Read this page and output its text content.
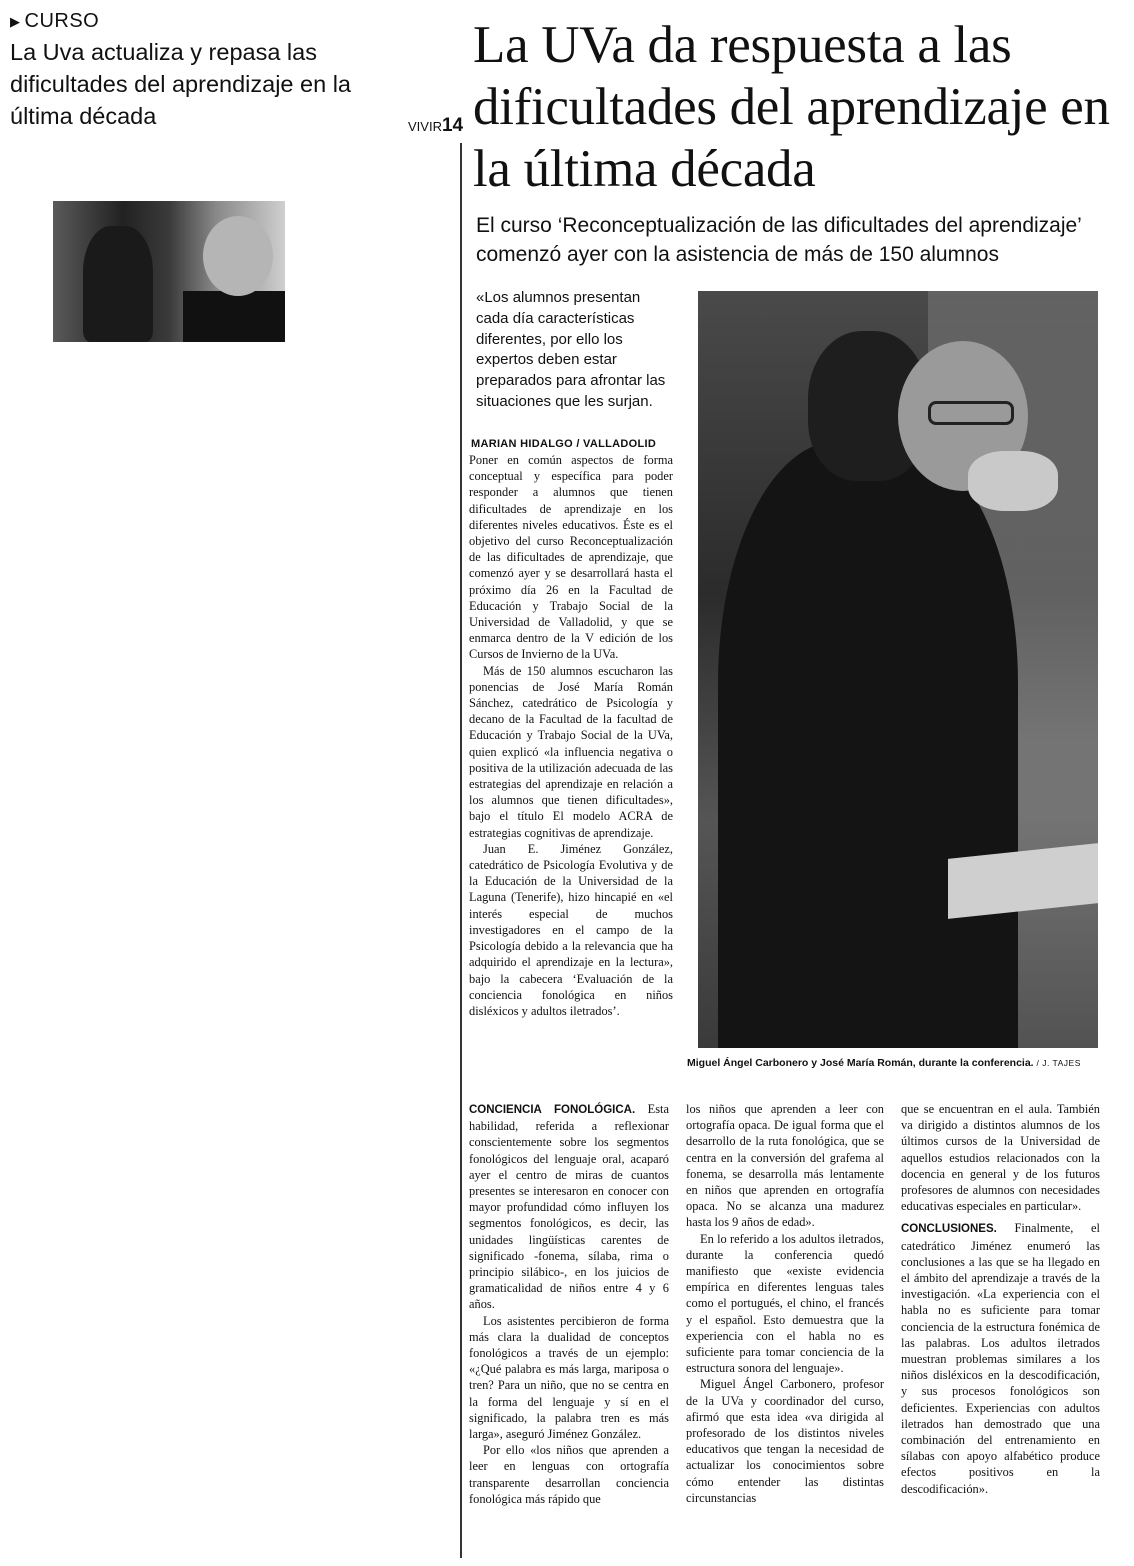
▶ CURSO
La Uva actualiza y repasa las dificultades del aprendizaje en la última década	VIVIR14
La UVa da respuesta a las dificultades del aprendizaje en la última década
El curso ‘Reconceptualización de las dificultades del aprendizaje’ comenzó ayer con la asistencia de más de 150 alumnos
«Los alumnos presentan cada día características diferentes, por ello los expertos deben estar preparados para afrontar las situaciones que les surjan.
MARIAN HIDALGO / VALLADOLID

Poner en común aspectos de forma conceptual y específica para poder responder a alumnos que tienen dificultades de aprendizaje en los diferentes niveles educativos. Éste es el objetivo del curso Reconceptualización de las dificultades de aprendizaje, que comenzó ayer y se desarrollará hasta el próximo día 26 en la Facultad de Educación y Trabajo Social de la Universidad de Valladolid, y que se enmarca dentro de la V edición de los Cursos de Invierno de la UVa.

Más de 150 alumnos escucharon las ponencias de José María Román Sánchez, catedrático de Psicología y decano de la Facultad de la facultad de Educación y Trabajo Social de la UVa, quien explicó «la influencia negativa o positiva de la utilización adecuada de las estrategias del aprendizaje en relación a los alumnos que tienen dificultades», bajo el título El modelo ACRA de estrategias cognitivas de aprendizaje.

Juan E. Jiménez González, catedrático de Psicología Evolutiva y de la Educación de la Universidad de la Laguna (Tenerife), hizo hincapié en «el interés especial de muchos investigadores en el campo de la Psicología debido a la relevancia que ha adquirido el aprendizaje en la lectura», bajo la cabecera ‘Evaluación de la conciencia fonológica en niños disléxicos y adultos iletrados’.

Miguel Ángel Carbonero y José María Román, durante la conferencia. / J. TAJES

CONCIENCIA FONOLÓGICA. Esta habilidad, referida a reflexionar conscientemente sobre los segmentos fonológicos del lenguaje oral, acaparó ayer el centro de miras de cuantos presentes se interesaron en conocer con mayor profundidad cómo influyen los segmentos fonológicos, es decir, las unidades lingüísticas carentes de significado -fonema, sílaba, rima o principio silábico-, en los juicios de gramaticalidad de niños entre 4 y 6 años.

Los asistentes percibieron de forma más clara la dualidad de conceptos fonológicos a través de un ejemplo: «¿Qué palabra es más larga, mariposa o tren? Para un niño, que no se centra en la forma del lenguaje y sí en el significado, la palabra tren es más larga», aseguró Jiménez González.

Por ello «los niños que aprenden a leer en lenguas con ortografía transparente desarrollan conciencia fonológica más rápido que

los niños que aprenden a leer con ortografía opaca. De igual forma que el desarrollo de la ruta fonológica, que se centra en la conversión del grafema al fonema, se desarrolla más lentamente en niños que aprenden en ortografía opaca. No se alcanza una madurez hasta los 9 años de edad».

En lo referido a los adultos iletrados, durante la conferencia quedó manifiesto que «existe evidencia empírica en diferentes lenguas tales como el portugués, el chino, el francés y el español. Esto demuestra que la experiencia con el habla no es suficiente para tomar conciencia de la estructura sonora del lenguaje».

Miguel Ángel Carbonero, profesor de la UVa y coordinador del curso, afirmó que esta idea «va dirigida al profesorado de los distintos niveles educativos que tengan la necesidad de actualizar los conocimientos sobre cómo entender las distintas circunstancias

que se encuentran en el aula. También va dirigido a distintos alumnos de los últimos cursos de la Universidad de aquellos estudios relacionados con la docencia en general y de los futuros profesores de alumnos con necesidades educativas especiales en particular».

CONCLUSIONES. Finalmente, el catedrático Jiménez enumeró las conclusiones a las que se ha llegado en el ámbito del aprendizaje a través de la investigación. «La experiencia con el habla no es suficiente para tomar conciencia de la estructura fonémica de las palabras. Los adultos iletrados muestran problemas similares a los niños disléxicos en la descodificación, y sus procesos fonológicos son deficientes. Experiencias con adultos iletrados han demostrado que una combinación del entrenamiento en sílabas con apoyo alfabético produce efectos positivos en la descodificación».
